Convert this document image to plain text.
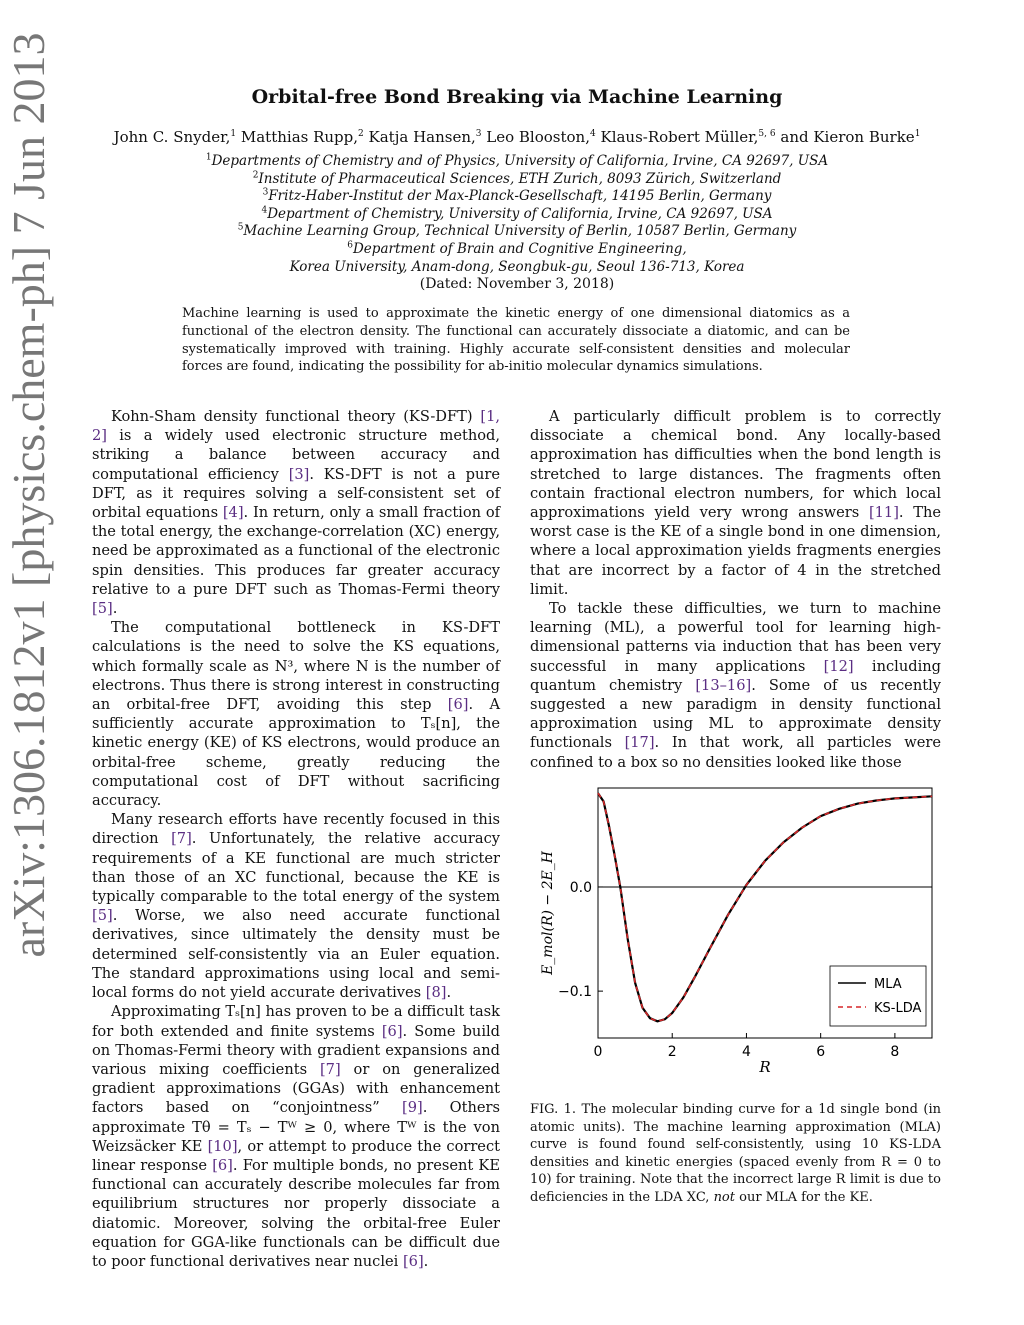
arXiv:1306.1812v1 [physics.chem-ph] 7 Jun 2013	Orbital-free Bond Breaking via Machine Learning
John C. Snyder,$^1$ Matthias Rupp,$^2$ Katja Hansen,$^3$ Leo Blooston,$^4$ Klaus-Robert Müller,$^{5, 6}$ and Kieron Burke$^1$
$^1$Departments of Chemistry and of Physics, University of California, Irvine, CA 92697, USA
$^2$Institute of Pharmaceutical Sciences, ETH Zurich, 8093 Zürich, Switzerland
$^3$Fritz-Haber-Institut der Max-Planck-Gesellschaft, 14195 Berlin, Germany
$^4$Department of Chemistry, University of California, Irvine, CA 92697, USA
$^5$Machine Learning Group, Technical University of Berlin, 10587 Berlin, Germany
$^6$Department of Brain and Cognitive Engineering,
Korea University, Anam-dong, Seongbuk-gu, Seoul 136-713, Korea
(Dated: November 3, 2018)
Machine learning is used to approximate the kinetic energy of one dimensional diatomics as a functional of the electron density. The functional can accurately dissociate a diatomic, and can be systematically improved with training. Highly accurate self-consistent densities and molecular forces are found, indicating the possibility for ab-initio molecular dynamics simulations.

Kohn-Sham density functional theory (KS-DFT) [1, 2] is a widely used electronic structure method, striking a balance between accuracy and computational efficiency [3]. KS-DFT is not a pure DFT, as it requires solving a self-consistent set of orbital equations [4]. In return, only a small fraction of the total energy, the exchange-correlation (XC) energy, need be approximated as a functional of the electronic spin densities. This produces far greater accuracy relative to a pure DFT such as Thomas-Fermi theory [5].

The computational bottleneck in KS-DFT calculations is the need to solve the KS equations, which formally scale as N³, where N is the number of electrons. Thus there is strong interest in constructing an orbital-free DFT, avoiding this step [6]. A sufficiently accurate approximation to Tₛ[n], the kinetic energy (KE) of KS electrons, would produce an orbital-free scheme, greatly reducing the computational cost of DFT without sacrificing accuracy.

Many research efforts have recently focused in this direction [7]. Unfortunately, the relative accuracy requirements of a KE functional are much stricter than those of an XC functional, because the KE is typically comparable to the total energy of the system [5]. Worse, we also need accurate functional derivatives, since ultimately the density must be determined self-consistently via an Euler equation. The standard approximations using local and semi-local forms do not yield accurate derivatives [8].

Approximating Tₛ[n] has proven to be a difficult task for both extended and finite systems [6]. Some build on Thomas-Fermi theory with gradient expansions and various mixing coefficients [7] or on generalized gradient approximations (GGAs) with enhancement factors based on “conjointness” [9]. Others approximate Tθ = Tₛ − Tᵂ ≥ 0, where Tᵂ is the von Weizsäcker KE [10], or attempt to produce the correct linear response [6]. For multiple bonds, no present KE functional can accurately describe molecules far from equilibrium structures nor properly dissociate a diatomic. Moreover, solving the orbital-free Euler equation for GGA-like functionals can be difficult due to poor functional derivatives near nuclei [6].

A particularly difficult problem is to correctly dissociate a chemical bond. Any locally-based approximation has difficulties when the bond length is stretched to large distances. The fragments often contain fractional electron numbers, for which local approximations yield very wrong answers [11]. The worst case is the KE of a single bond in one dimension, where a local approximation yields fragments energies that are incorrect by a factor of 4 in the stretched limit.

To tackle these difficulties, we turn to machine learning (ML), a powerful tool for learning high-dimensional patterns via induction that has been very successful in many applications [12] including quantum chemistry [13–16]. Some of us recently suggested a new paradigm in density functional approximation using ML to approximate density functionals [17]. In that work, all particles were confined to a box so no densities looked like those

0	2	4	6	8
0.0
−0.1
R
E_mol(R) − 2E_H
MLA
KS-LDA
FIG. 1. The molecular binding curve for a 1d single bond (in atomic units). The machine learning approximation (MLA) curve is found found self-consistently, using 10 KS-LDA densities and kinetic energies (spaced evenly from R = 0 to 10) for training. Note that the incorrect large R limit is due to deficiencies in the LDA XC, not our MLA for the KE.
